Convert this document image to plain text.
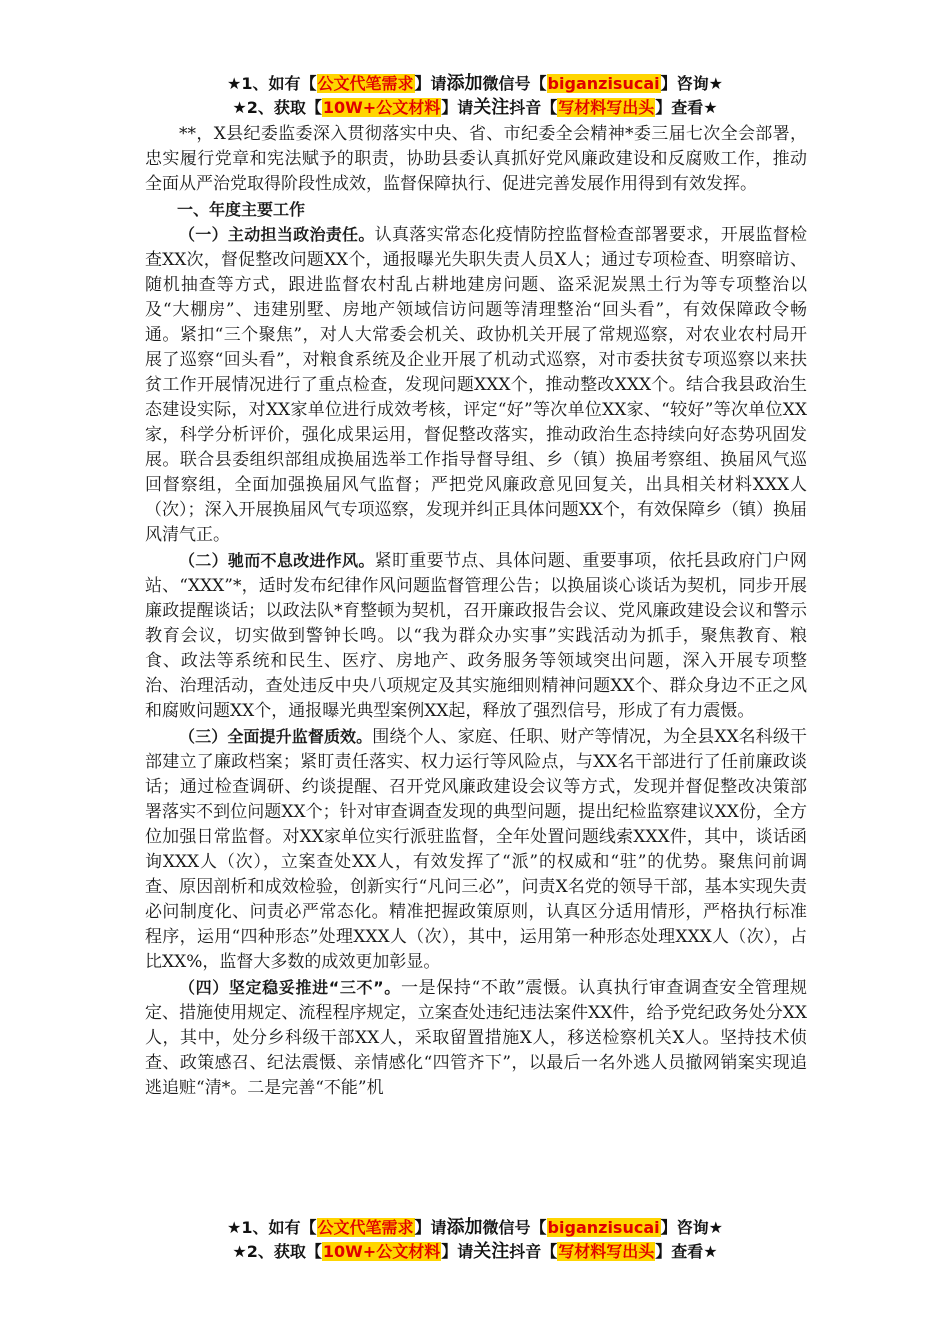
★1、如有【公文代笔需求】请添加微信号【biganzisucai】咨询★
★2、获取【10W+公文材料】请关注抖音【写材料写出头】查看★

**，X县纪委监委深入贯彻落实中央、省、市纪委全会精神*委三届七次全会部署，忠实履行党章和宪法赋予的职责，协助县委认真抓好党风廉政建设和反腐败工作，推动全面从严治党取得阶段性成效，监督保障执行、促进完善发展作用得到有效发挥。

一、年度主要工作

（一）主动担当政治责任。认真落实常态化疫情防控监督检查部署要求，开展监督检查XX次，督促整改问题XX个，通报曝光失职失责人员X人；通过专项检查、明察暗访、随机抽查等方式，跟进监督农村乱占耕地建房问题、盗采泥炭黑土行为等专项整治以及“大棚房”、违建别墅、房地产领域信访问题等清理整治“回头看”，有效保障政令畅通。紧扣“三个聚焦”，对人大常委会机关、政协机关开展了常规巡察，对农业农村局开展了巡察“回头看”，对粮食系统及企业开展了机动式巡察，对市委扶贫专项巡察以来扶贫工作开展情况进行了重点检查，发现问题XXX个，推动整改XXX个。结合我县政治生态建设实际，对XX家单位进行成效考核，评定“好”等次单位XX家、“较好”等次单位XX家，科学分析评价，强化成果运用，督促整改落实，推动政治生态持续向好态势巩固发展。联合县委组织部组成换届选举工作指导督导组、乡（镇）换届考察组、换届风气巡回督察组，全面加强换届风气监督；严把党风廉政意见回复关，出具相关材料XXX人（次）；深入开展换届风气专项巡察，发现并纠正具体问题XX个，有效保障乡（镇）换届风清气正。

（二）驰而不息改进作风。紧盯重要节点、具体问题、重要事项，依托县政府门户网站、“XXX”*，适时发布纪律作风问题监督管理公告；以换届谈心谈话为契机，同步开展廉政提醒谈话；以政法队*育整顿为契机，召开廉政报告会议、党风廉政建设会议和警示教育会议，切实做到警钟长鸣。以“我为群众办实事”实践活动为抓手，聚焦教育、粮食、政法等系统和民生、医疗、房地产、政务服务等领域突出问题，深入开展专项整治、治理活动，查处违反中央八项规定及其实施细则精神问题XX个、群众身边不正之风和腐败问题XX个，通报曝光典型案例XX起，释放了强烈信号，形成了有力震慑。

（三）全面提升监督质效。围绕个人、家庭、任职、财产等情况，为全县XX名科级干部建立了廉政档案；紧盯责任落实、权力运行等风险点，与XX名干部进行了任前廉政谈话；通过检查调研、约谈提醒、召开党风廉政建设会议等方式，发现并督促整改决策部署落实不到位问题XX个；针对审查调查发现的典型问题，提出纪检监察建议XX份，全方位加强日常监督。对XX家单位实行派驻监督，全年处置问题线索XXX件，其中，谈话函询XXX人（次），立案查处XX人，有效发挥了“派”的权威和“驻”的优势。聚焦问前调查、原因剖析和成效检验，创新实行“凡问三必”，问责X名党的领导干部，基本实现失责必问制度化、问责必严常态化。精准把握政策原则，认真区分适用情形，严格执行标准程序，运用“四种形态”处理XXX人（次），其中，运用第一种形态处理XXX人（次），占比XX%，监督大多数的成效更加彰显。

（四）坚定稳妥推进“三不”。一是保持“不敢”震慑。认真执行审查调查安全管理规定、措施使用规定、流程程序规定，立案查处违纪违法案件XX件，给予党纪政务处分XX人，其中，处分乡科级干部XX人，采取留置措施X人，移送检察机关X人。坚持技术侦查、政策感召、纪法震慑、亲情感化“四管齐下”，以最后一名外逃人员撤网销案实现追逃追赃“清*。二是完善“不能”机

★1、如有【公文代笔需求】请添加微信号【biganzisucai】咨询★
★2、获取【10W+公文材料】请关注抖音【写材料写出头】查看★
